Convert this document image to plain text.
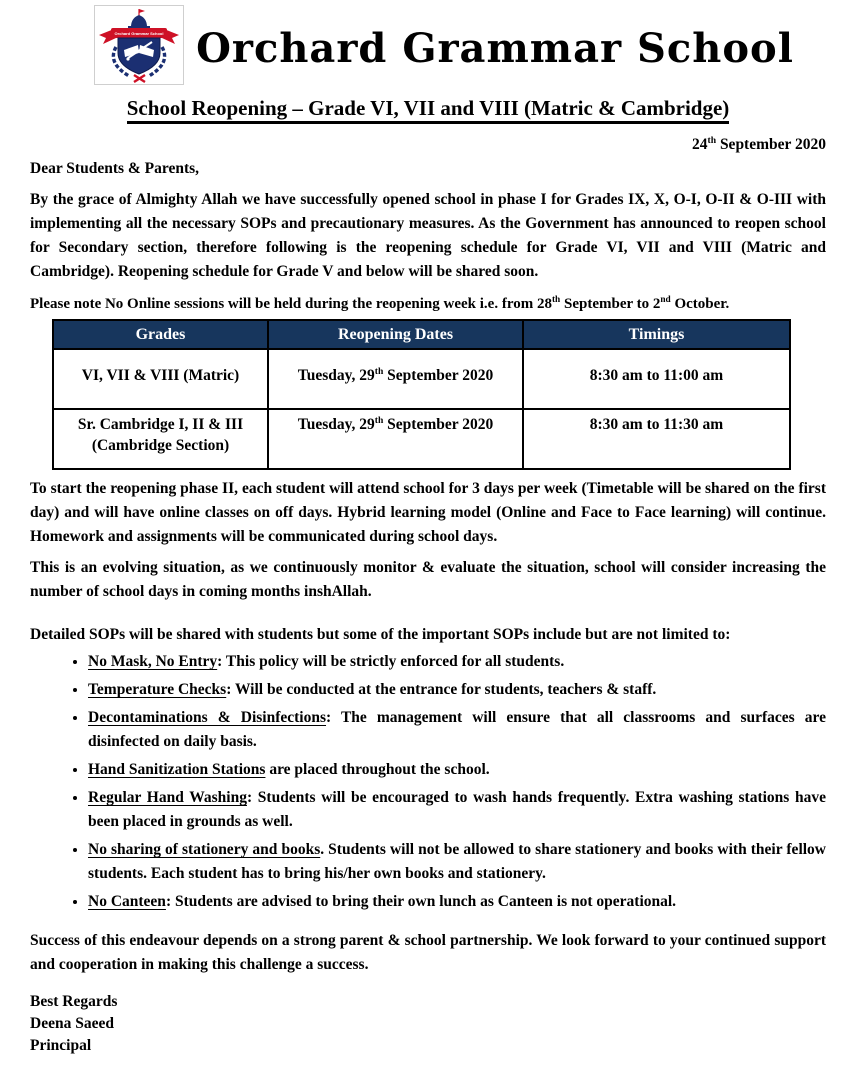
Orchard Grammar School Orchard Grammar School
School Reopening – Grade VI, VII and VIII (Matric & Cambridge)
24th September 2020
Dear Students & Parents,

By the grace of Almighty Allah we have successfully opened school in phase I for Grades IX, X, O-I, O-II & O-III with implementing all the necessary SOPs and precautionary measures. As the Government has announced to reopen school for Secondary section, therefore following is the reopening schedule for Grade VI, VII and VIII (Matric and Cambridge). Reopening schedule for Grade V and below will be shared soon.

Please note No Online sessions will be held during the reopening week i.e. from 28th September to 2nd October.
Grades	Reopening Dates	Timings
VI, VII & VIII (Matric)	Tuesday, 29th September 2020	8:30 am to 11:00 am
Sr. Cambridge I, II & III (Cambridge Section)	Tuesday, 29th September 2020	8:30 am to 11:30 am

To start the reopening phase II, each student will attend school for 3 days per week (Timetable will be shared on the first day) and will have online classes on off days. Hybrid learning model (Online and Face to Face learning) will continue. Homework and assignments will be communicated during school days.

This is an evolving situation, as we continuously monitor & evaluate the situation, school will consider increasing the number of school days in coming months inshAllah.

Detailed SOPs will be shared with students but some of the important SOPs include but are not limited to:

• No Mask, No Entry: This policy will be strictly enforced for all students.
• Temperature Checks: Will be conducted at the entrance for students, teachers & staff.
• Decontaminations & Disinfections: The management will ensure that all classrooms and surfaces are disinfected on daily basis.
• Hand Sanitization Stations are placed throughout the school.
• Regular Hand Washing: Students will be encouraged to wash hands frequently. Extra washing stations have been placed in grounds as well.
• No sharing of stationery and books. Students will not be allowed to share stationery and books with their fellow students. Each student has to bring his/her own books and stationery.
• No Canteen: Students are advised to bring their own lunch as Canteen is not operational.

Success of this endeavour depends on a strong parent & school partnership. We look forward to your continued support and cooperation in making this challenge a success.

Best Regards
Deena Saeed
Principal
